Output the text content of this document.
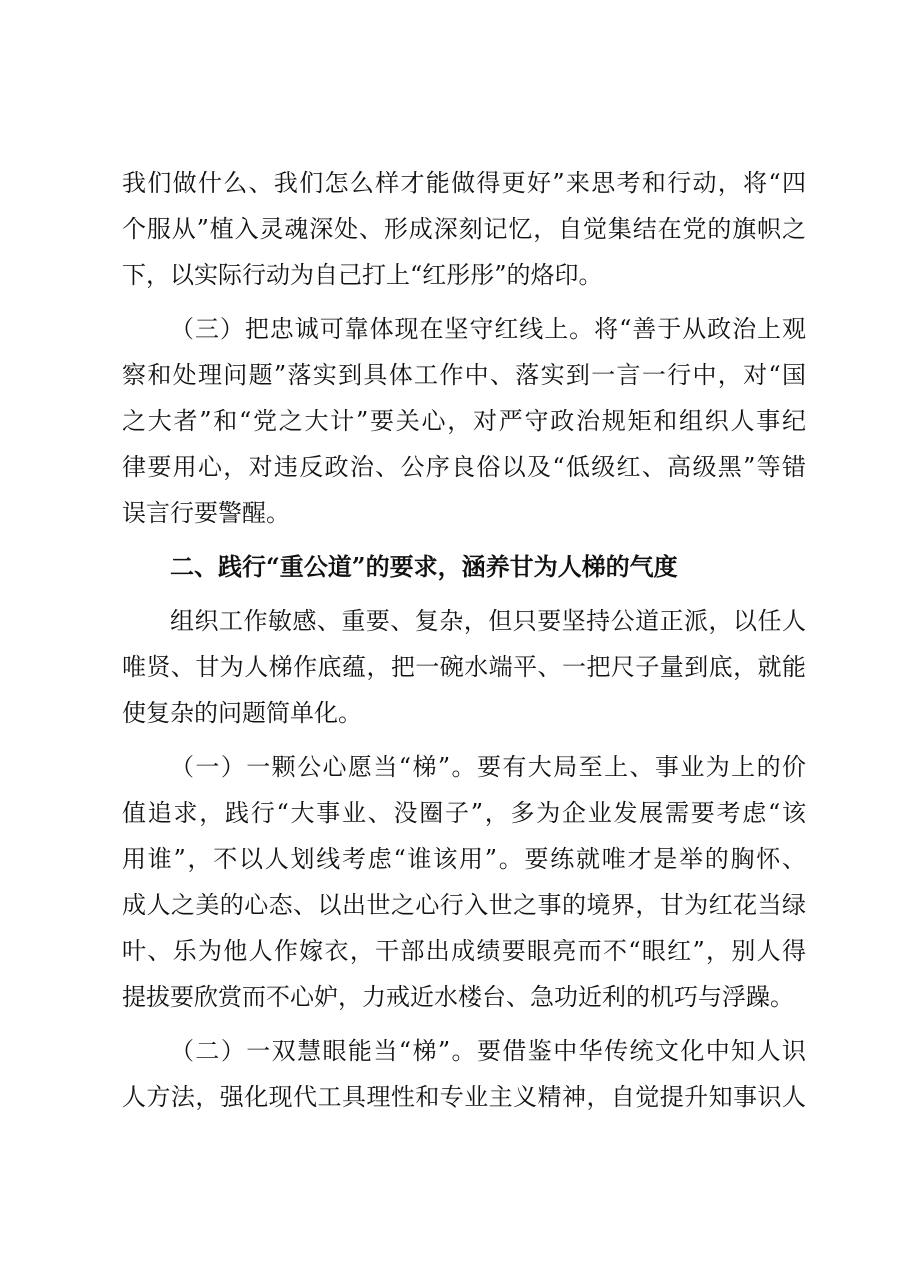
我们做什么、我们怎么样才能做得更好”来思考和行动，将“四
个服从”植入灵魂深处、形成深刻记忆，自觉集结在党的旗帜之
下，以实际行动为自己打上“红彤彤”的烙印。
（三）把忠诚可靠体现在坚守红线上。将“善于从政治上观
察和处理问题”落实到具体工作中、落实到一言一行中，对“国
之大者”和“党之大计”要关心，对严守政治规矩和组织人事纪
律要用心，对违反政治、公序良俗以及“低级红、高级黑”等错
误言行要警醒。
二、践行“重公道”的要求，涵养甘为人梯的气度
组织工作敏感、重要、复杂，但只要坚持公道正派，以任人
唯贤、甘为人梯作底蕴，把一碗水端平、一把尺子量到底，就能
使复杂的问题简单化。
（一）一颗公心愿当“梯”。要有大局至上、事业为上的价
值追求，践行“大事业、没圈子”，多为企业发展需要考虑“该
用谁”，不以人划线考虑“谁该用”。要练就唯才是举的胸怀、
成人之美的心态、以出世之心行入世之事的境界，甘为红花当绿
叶、乐为他人作嫁衣，干部出成绩要眼亮而不“眼红”，别人得
提拔要欣赏而不心妒，力戒近水楼台、急功近利的机巧与浮躁。
（二）一双慧眼能当“梯”。要借鉴中华传统文化中知人识
人方法，强化现代工具理性和专业主义精神，自觉提升知事识人
